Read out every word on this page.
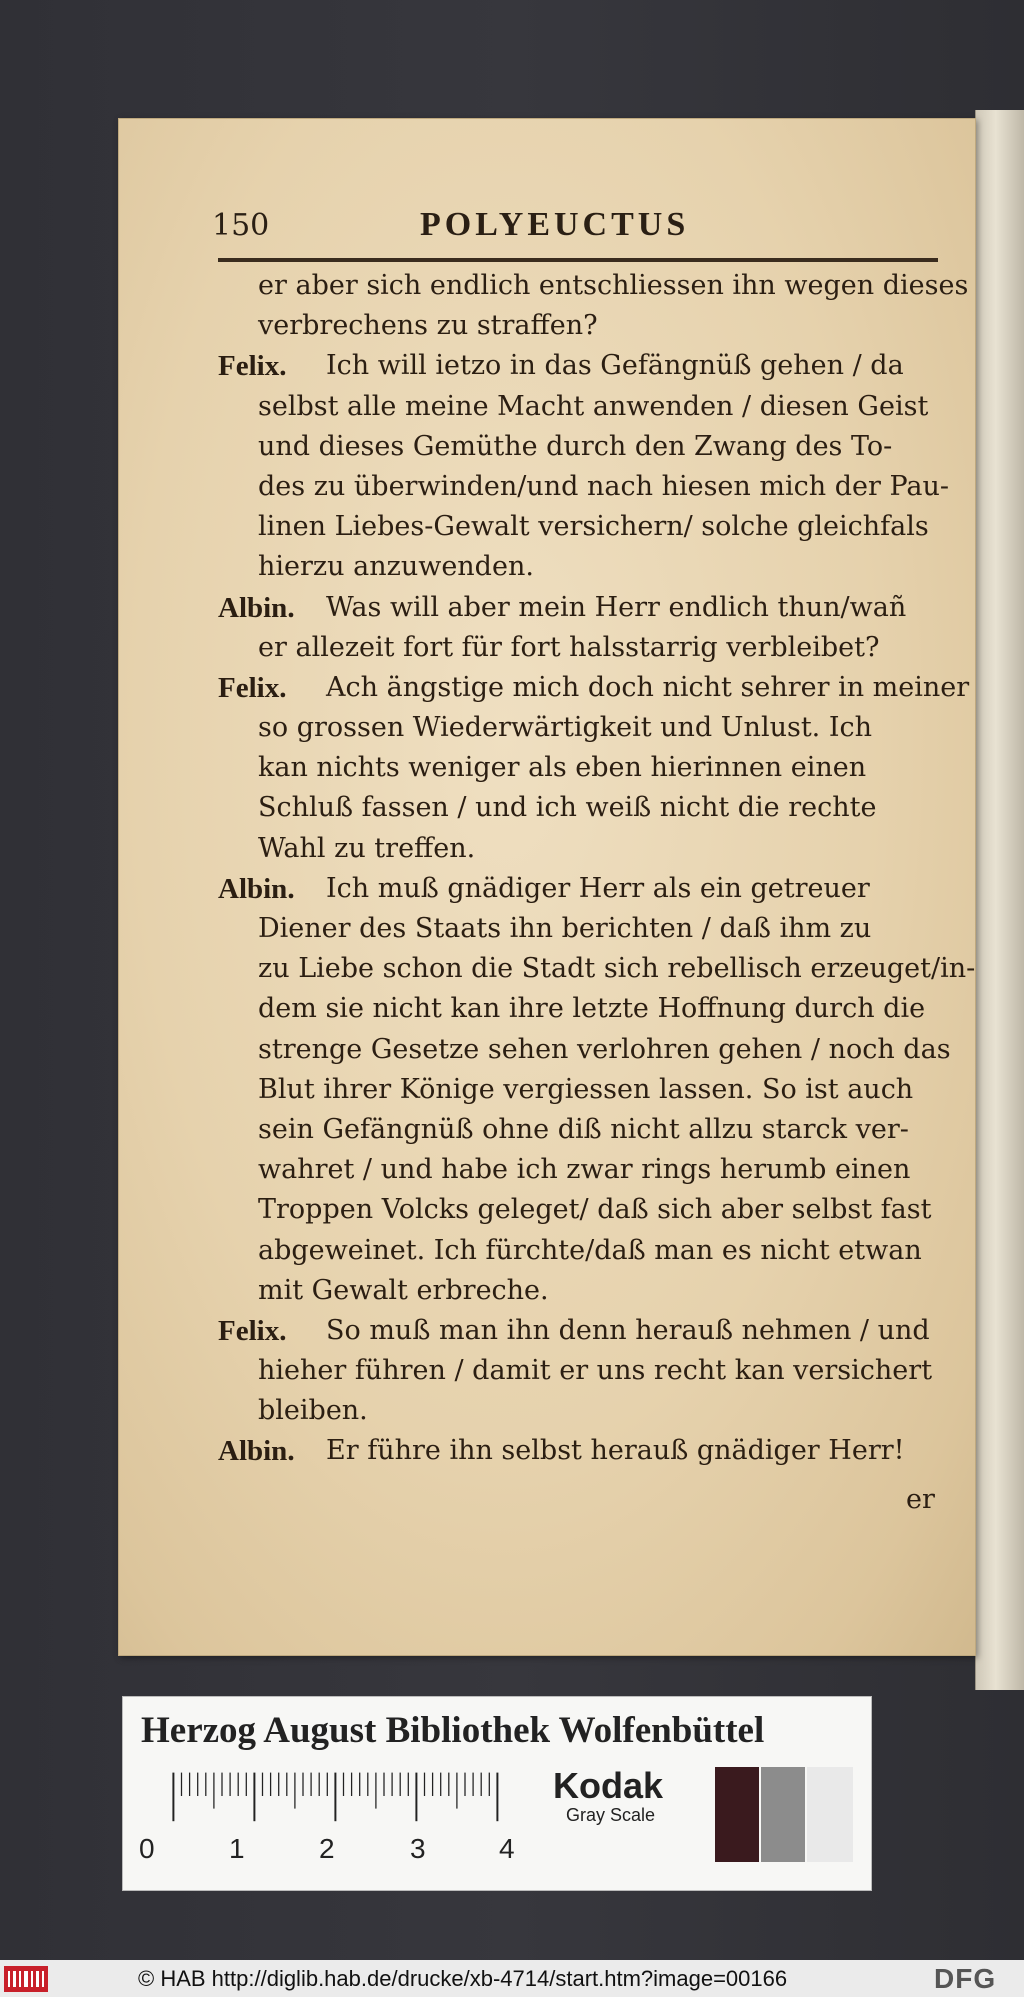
150	POLYEUCTUS
er aber sich endlich entschliessen ihn wegen dieses
verbrechens zu straffen?
Felix. Ich will ietzo in das Gefängnüß gehen / da
selbst alle meine Macht anwenden / diesen Geist
und dieses Gemüthe durch den Zwang des To-
des zu überwinden/und nach hiesen mich der Pau-
linen Liebes-Gewalt versichern/ solche gleichfals
hierzu anzuwenden.
Albin. Was will aber mein Herr endlich thun/wañ
er allezeit fort für fort halsstarrig verbleibet?
Felix. Ach ängstige mich doch nicht sehrer in meiner
so grossen Wiederwärtigkeit und Unlust. Ich
kan nichts weniger als eben hierinnen einen
Schluß fassen / und ich weiß nicht die rechte
Wahl zu treffen.
Albin. Ich muß gnädiger Herr als ein getreuer
Diener des Staats ihn berichten / daß ihm zu
zu Liebe schon die Stadt sich rebellisch erzeuget/in-
dem sie nicht kan ihre letzte Hoffnung durch die
strenge Gesetze sehen verlohren gehen / noch das
Blut ihrer Könige vergiessen lassen. So ist auch
sein Gefängnüß ohne diß nicht allzu starck ver-
wahret / und habe ich zwar rings herumb einen
Troppen Volcks geleget/ daß sich aber selbst fast
abgeweinet. Ich fürchte/daß man es nicht etwan
mit Gewalt erbreche.
Felix. So muß man ihn denn herauß nehmen / und
hieher führen / damit er uns recht kan versichert
bleiben.
Albin. Er führe ihn selbst herauß gnädiger Herr!
er
Herzog August Bibliothek Wolfenbüttel
0	1	2	3	4
Kodak
Gray Scale
© HAB http://diglib.hab.de/drucke/xb-4714/start.htm?image=00166	DFG
